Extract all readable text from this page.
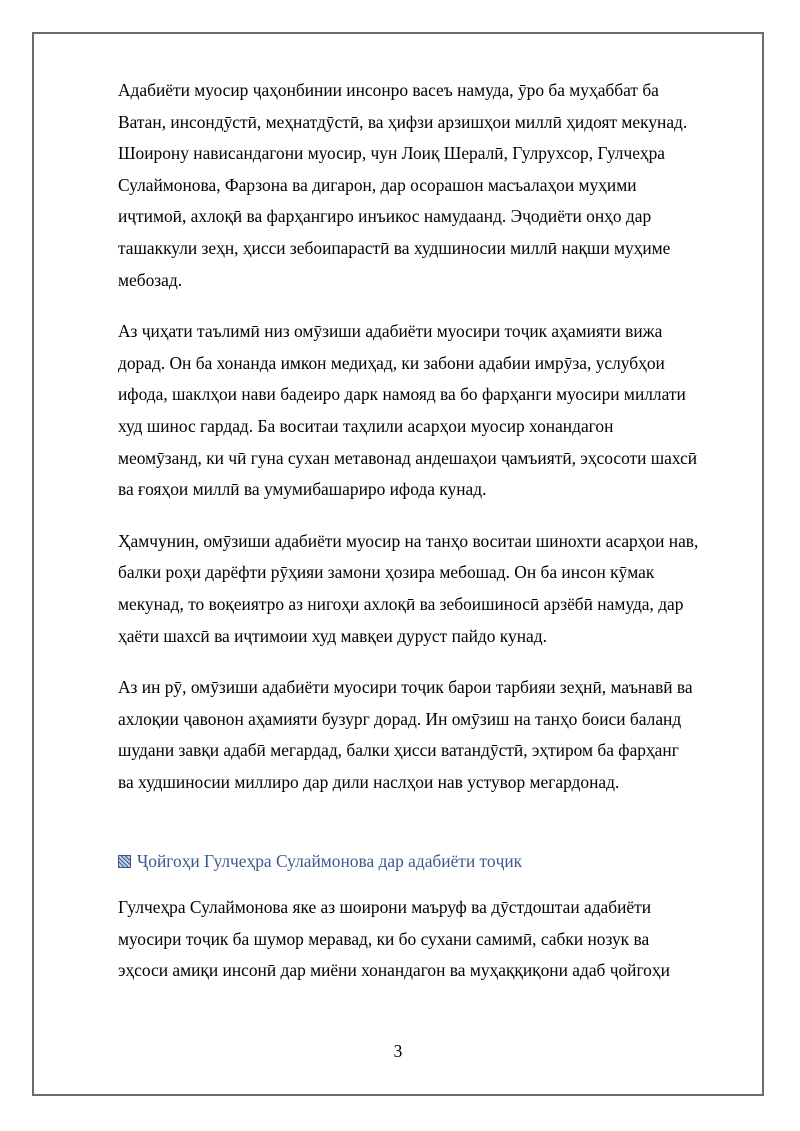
Адабиёти муосир ҷаҳонбинии инсонро васеъ намуда, ӯро ба муҳаббат ба
Ватан, инсондӯстӣ, меҳнатдӯстӣ, ва ҳифзи арзишҳои миллӣ ҳидоят мекунад.
Шоирону нависандагони муосир, чун Лоиқ Шералӣ, Гулрухсор, Гулчеҳра
Сулаймонова, Фарзона ва дигарон, дар осорашон масъалаҳои муҳими
иҷтимоӣ, ахлоқӣ ва фарҳангиро инъикос намудаанд. Эҷодиёти онҳо дар
ташаккули зеҳн, ҳисси зебоипарастӣ ва худшиносии миллӣ нақши муҳиме
мебозад.

Аз ҷиҳати таълимӣ низ омӯзиши адабиёти муосири тоҷик аҳамияти вижа
дорад. Он ба хонанда имкон медиҳад, ки забони адабии имрӯза, услубҳои
ифода, шаклҳои нави бадеиро дарк намояд ва бо фарҳанги муосири миллати
худ шинос гардад. Ба воситаи таҳлили асарҳои муосир хонандагон
меомӯзанд, ки чӣ гуна сухан метавонад андешаҳои ҷамъиятӣ, эҳсосоти шахсӣ
ва ғояҳои миллӣ ва умумибашариро ифода кунад.

Ҳамчунин, омӯзиши адабиёти муосир на танҳо воситаи шинохти асарҳои нав,
балки роҳи дарёфти рӯҳияи замони ҳозира мебошад. Он ба инсон кӯмак
мекунад, то воқеиятро аз нигоҳи ахлоқӣ ва зебоишиносӣ арзёбӣ намуда, дар
ҳаёти шахсӣ ва иҷтимоии худ мавқеи дуруст пайдо кунад.

Аз ин рӯ, омӯзиши адабиёти муосири тоҷик барои тарбияи зеҳнӣ, маънавӣ ва
ахлоқии ҷавонон аҳамияти бузург дорад. Ин омӯзиш на танҳо боиси баланд
шудани завқи адабӣ мегардад, балки ҳисси ватандӯстӣ, эҳтиром ба фарҳанг
ва худшиносии миллиро дар дили наслҳои нав устувор мегардонад.

Ҷойгоҳи Гулчеҳра Сулаймонова дар адабиёти тоҷик

Гулчеҳра Сулаймонова яке аз шоирони маъруф ва дӯстдоштаи адабиёти
муосири тоҷик ба шумор меравад, ки бо сухани самимӣ, сабки нозук ва
эҳсоси амиқи инсонӣ дар миёни хонандагон ва муҳаққиқони адаб ҷойгоҳи

3
